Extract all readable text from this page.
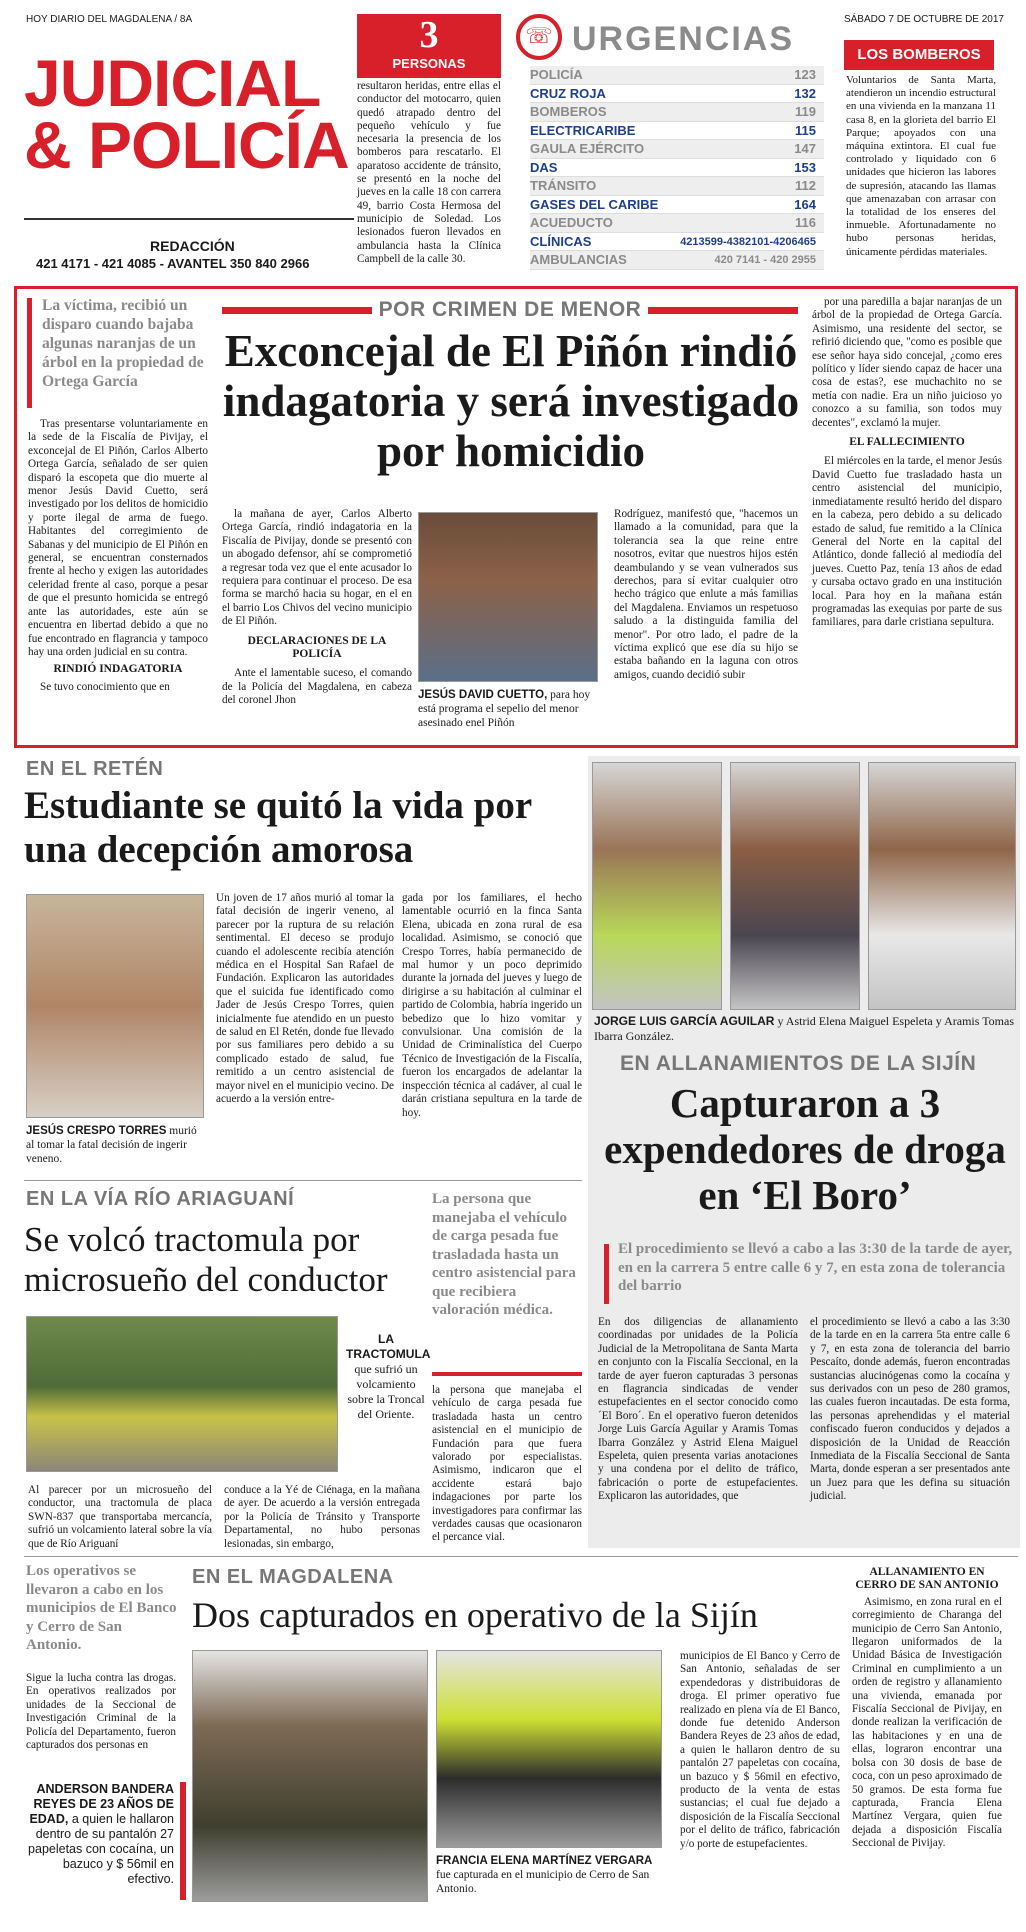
HOY DIARIO DEL MAGDALENA / 8A	SÁBADO 7 DE OCTUBRE DE 2017
JUDICIAL
& POLICÍA
REDACCIÓN
421 4171 - 421 4085 - AVANTEL 350 840 2966
3
PERSONAS
resultaron heridas, entre ellas el conductor del motocarro, quien quedó atrapado dentro del pequeño vehículo y fue necesaria la presencia de los bomberos para rescatarlo. El aparatoso accidente de tránsito, se presentó en la noche del jueves en la calle 18 con carrera 49, barrio Costa Hermosa del municipio de Soledad. Los lesionados fueron llevados en ambulancia hasta la Clínica Campbell de la calle 30.
☏ URGENCIAS
POLICÍA	123
CRUZ ROJA	132
BOMBEROS	119
ELECTRICARIBE	115
GAULA EJÉRCITO	147
DAS	153
TRÁNSITO	112
GASES DEL CARIBE	164
ACUEDUCTO	116
CLÍNICAS	4213599-4382101-4206465
AMBULANCIAS	420 7141 - 420 2955
LOS BOMBEROS
Voluntarios de Santa Marta, atendieron un incendio estructural en una vivienda en la manzana 11 casa 8, en la glorieta del barrio El Parque; apoyados con una máquina extintora. El cual fue controlado y liquidado con 6 unidades que hicieron las labores de supresión, atacando las llamas que amenazaban con arrasar con la totalidad de los enseres del inmueble. Afortunadamente no hubo personas heridas, únicamente pérdidas materiales.
La víctima, recibió un disparo cuando bajaba algunas naranjas de un árbol en la propiedad de Ortega García
POR CRIMEN DE MENOR
Exconcejal de El Piñón rindió indagatoria y será investigado por homicidio

Tras presentarse voluntariamente en la sede de la Fiscalía de Pivijay, el exconcejal de El Piñón, Carlos Alberto Ortega García, señalado de ser quien disparó la escopeta que dio muerte al menor Jesús David Cuetto, será investigado por los delitos de homicidio y porte ilegal de arma de fuego. Habitantes del corregimiento de Sabanas y del municipio de El Piñón en general, se encuentran consternados frente al hecho y exigen las autoridades celeridad frente al caso, porque a pesar de que el presunto homicida se entregó ante las autoridades, este aún se encuentra en libertad debido a que no fue encontrado en flagrancia y tampoco hay una orden judicial en su contra.

RINDIÓ INDAGATORIA

Se tuvo conocimiento que en

la mañana de ayer, Carlos Alberto Ortega García, rindió indagatoria en la Fiscalía de Pivijay, donde se presentó con un abogado defensor, ahí se comprometió a regresar toda vez que el ente acusador lo requiera para continuar el proceso. De esa forma se marchó hacia su hogar, en el en el barrio Los Chivos del vecino municipio de El Piñón.

DECLARACIONES DE LA POLICÍA

Ante el lamentable suceso, el comando de la Policía del Magdalena, en cabeza del coronel Jhon	JESÚS DAVID CUETTO, para hoy está programa el sepelio del menor asesinado enel Piñón
Rodríguez, manifestó que, "hacemos un llamado a la comunidad, para que la tolerancia sea la que reine entre nosotros, evitar que nuestros hijos estén deambulando y se vean vulnerados sus derechos, para sí evitar cualquier otro hecho trágico que enlute a más familias del Magdalena. Enviamos un respetuoso saludo a la distinguida familia del menor". Por otro lado, el padre de la víctima explicó que ese día su hijo se estaba bañando en la laguna con otros amigos, cuando decidió subir

por una paredilla a bajar naranjas de un árbol de la propiedad de Ortega García. Asimismo, una residente del sector, se refirió diciendo que, "como es posible que ese señor haya sido concejal, ¿como eres político y líder siendo capaz de hacer una cosa de estas?, ese muchachito no se metía con nadie. Era un niño juicioso yo conozco a su familia, son todos muy decentes", exclamó la mujer.

EL FALLECIMIENTO

El miércoles en la tarde, el menor Jesús David Cuetto fue trasladado hasta un centro asistencial del municipio, inmediatamente resultó herido del disparo en la cabeza, pero debido a su delicado estado de salud, fue remitido a la Clínica General del Norte en la capital del Atlántico, donde falleció al mediodía del jueves. Cuetto Paz, tenía 13 años de edad y cursaba octavo grado en una institución local. Para hoy en la mañana están programadas las exequias por parte de sus familiares, para darle cristiana sepultura.

EN EL RETÉN
Estudiante se quitó la vida por una decepción amorosa
JESÚS CRESPO TORRES murió al tomar la fatal decisión de ingerir veneno.
Un joven de 17 años murió al tomar la fatal decisión de ingerir veneno, al parecer por la ruptura de su relación sentimental. El deceso se produjo cuando el adolescente recibía atención médica en el Hospital San Rafael de Fundación. Explicaron las autoridades que el suicida fue identificado como Jader de Jesús Crespo Torres, quien inicialmente fue atendido en un puesto de salud en El Retén, donde fue llevado por sus familiares pero debido a su complicado estado de salud, fue remitido a un centro asistencial de mayor nivel en el municipio vecino. De acuerdo a la versión entre-
gada por los familiares, el hecho lamentable ocurrió en la finca Santa Elena, ubicada en zona rural de esa localidad. Asimismo, se conoció que Crespo Torres, había permanecido de mal humor y un poco deprimido durante la jornada del jueves y luego de dirigirse a su habitación al culminar el partido de Colombia, habría ingerido un bebedizo que lo hizo vomitar y convulsionar. Una comisión de la Unidad de Criminalística del Cuerpo Técnico de Investigación de la Fiscalía, fueron los encargados de adelantar la inspección técnica al cadáver, al cual le darán cristiana sepultura en la tarde de hoy.
JORGE LUIS GARCÍA AGUILAR y Astrid Elena Maiguel Espeleta y Aramis Tomas Ibarra González.
EN ALLANAMIENTOS DE LA SIJÍN
Capturaron a 3 expendedores de droga en ‘El Boro’
El procedimiento se llevó a cabo a las 3:30 de la tarde de ayer, en en la carrera 5 entre calle 6 y 7, en esta zona de tolerancia del barrio
En dos diligencias de allanamiento coordinadas por unidades de la Policía Judicial de la Metropolitana de Santa Marta en conjunto con la Fiscalía Seccional, en la tarde de ayer fueron capturadas 3 personas en flagrancia sindicadas de vender estupefacientes en el sector conocido como ´El Boro´. En el operativo fueron detenidos Jorge Luis García Aguilar y Aramis Tomas Ibarra González y Astrid Elena Maiguel Espeleta, quien presenta varias anotaciones y una condena por el delito de tráfico, fabricación o porte de estupefacientes. Explicaron las autoridades, que
el procedimiento se llevó a cabo a las 3:30 de la tarde en en la carrera 5ta entre calle 6 y 7, en esta zona de tolerancia del barrio Pescaíto, donde además, fueron encontradas sustancias alucinógenas como la cocaína y sus derivados con un peso de 280 gramos, las cuales fueron incautadas. De esta forma, las personas aprehendidas y el material confiscado fueron conducidos y dejados a disposición de la Unidad de Reacción Inmediata de la Fiscalía Seccional de Santa Marta, donde esperan a ser presentados ante un Juez para que les defina su situación judicial.
EN LA VÍA RÍO ARIAGUANÍ
Se volcó tractomula por microsueño del conductor
La persona que manejaba el vehículo de carga pesada fue trasladada hasta un centro asistencial para que recibiera valoración médica.
LA TRACTOMULA
que sufrió un volcamiento sobre la Troncal del Oriente.
Al parecer por un microsueño del conductor, una tractomula de placa SWN-837 que transportaba mercancía, sufrió un volcamiento lateral sobre la vía que de Río Ariguaní
conduce a la Yé de Ciénaga, en la mañana de ayer. De acuerdo a la versión entregada por la Policía de Tránsito y Transporte Departamental, no hubo personas lesionadas, sin embargo,
la persona que manejaba el vehículo de carga pesada fue trasladada hasta un centro asistencial en el municipio de Fundación para que fuera valorado por especialistas. Asimismo, indicaron que el accidente estará bajo indagaciones por parte los investigadores para confirmar las verdades causas que ocasionaron el percance vial.
Los operativos se llevaron a cabo en los municipios de El Banco y Cerro de San Antonio.
EN EL MAGDALENA
Dos capturados en operativo de la Sijín
Sigue la lucha contra las drogas. En operativos realizados por unidades de la Seccional de Investigación Criminal de la Policía del Departamento, fueron capturados dos personas en
ANDERSON BANDERA REYES DE 23 AÑOS DE EDAD, a quien le hallaron dentro de su pantalón 27 papeletas con cocaína, un bazuco y $ 56mil en efectivo.
FRANCIA ELENA MARTÍNEZ VERGARA
fue capturada en el municipio de Cerro de San Antonio.
municipios de El Banco y Cerro de San Antonio, señaladas de ser expendedoras y distribuidoras de droga. El primer operativo fue realizado en plena vía de El Banco, donde fue detenido Anderson Bandera Reyes de 23 años de edad, a quien le hallaron dentro de su pantalón 27 papeletas con cocaína, un bazuco y $ 56mil en efectivo, producto de la venta de estas sustancias; el cual fue dejado a disposición de la Fiscalía Seccional por el delito de tráfico, fabricación y/o porte de estupefacientes.
ALLANAMIENTO EN CERRO DE SAN ANTONIO

Asimismo, en zona rural en el corregimiento de Charanga del municipio de Cerro San Antonio, llegaron uniformados de la Unidad Básica de Investigación Criminal en cumplimiento a un orden de registro y allanamiento una vivienda, emanada por Fiscalía Seccional de Pivijay, en donde realizan la verificación de las habitaciones y en una de ellas, lograron encontrar una bolsa con 30 dosis de base de coca, con un peso aproximado de 50 gramos. De esta forma fue capturada, Francia Elena Martínez Vergara, quien fue dejada a disposición Fiscalía Seccional de Pivijay.
